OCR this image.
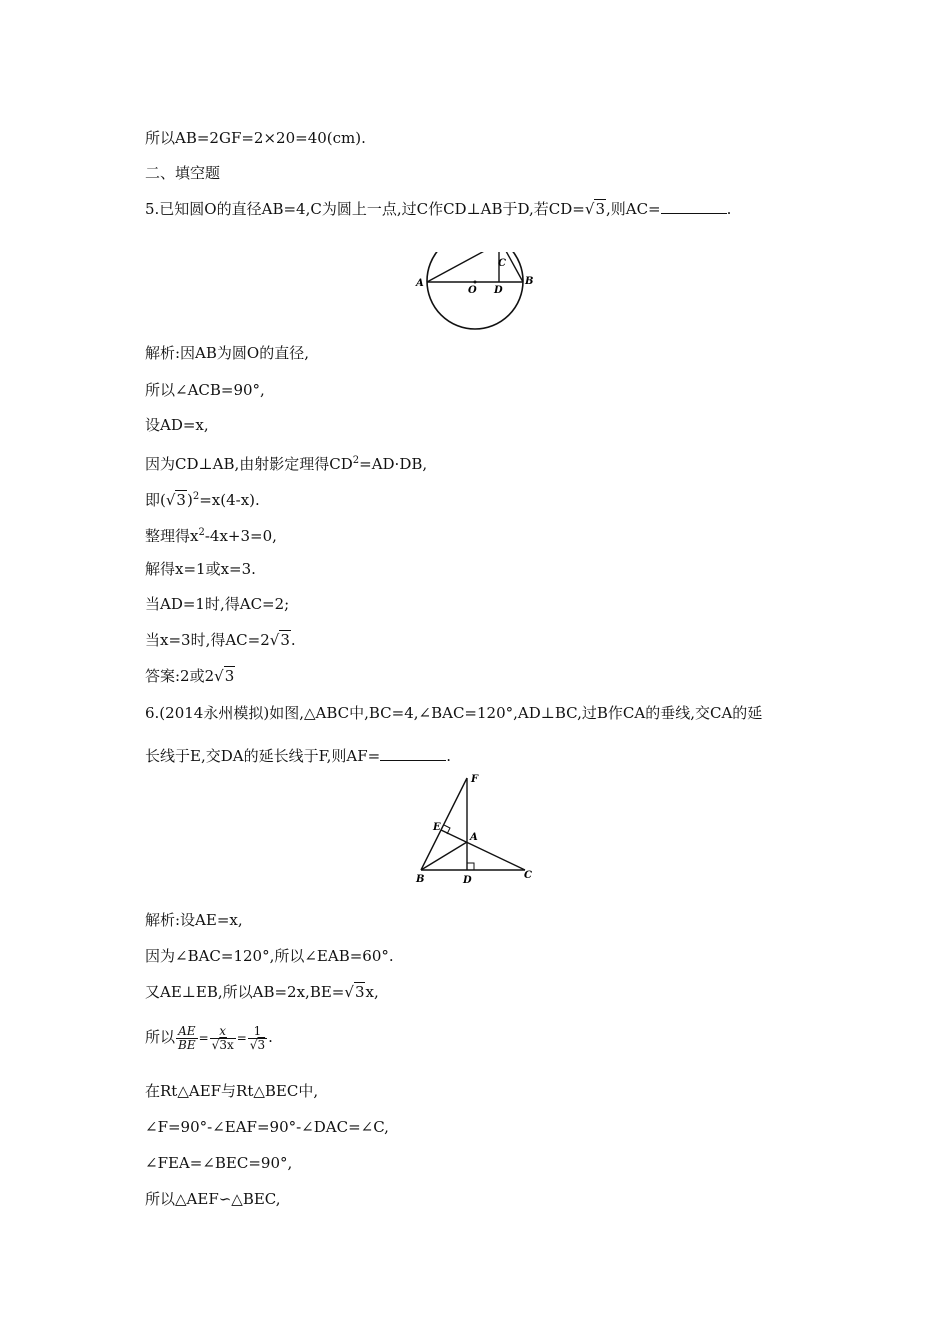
所以AB=2GF=2×20=40(cm).
二、填空题
5.已知圆O的直径AB=4,C为圆上一点,过C作CD⊥AB于D,若CD=√3,则AC=	.
A
O D
B
C
解析:因AB为圆O的直径,
所以∠ACB=90°,
设AD=x,
因为CD⊥AB,由射影定理得$CD^2=AD\cdot DB$,
即$(√3)^2=x(4-x)$.
整理得$x^2-4x+3=0$,
解得x=1或x=3.
当AD=1时,得AC=2;
当x=3时,得AC=2√3.
答案:2或2√3
6.(2014永州模拟)如图,△ABC中,BC=4,∠BAC=120°,AD⊥BC,过B作CA的垂线,交CA的延
长线于E,交DA的延长线于F,则AF=	.
F
E
A
B	D	C
解析:设AE=x,
因为∠BAC=120°,所以∠EAB=60°.
又AE⊥EB,所以AB=2x,BE=√3x,
所以 $\frac{AE}{BE} = \frac{x}{√3x} = \frac{1}{√3}$ .
在Rt△AEF与Rt△BEC中,
∠F=90°-∠EAF=90°-∠DAC=∠C,
∠FEA=∠BEC=90°,
所以△AEF∽△BEC,
